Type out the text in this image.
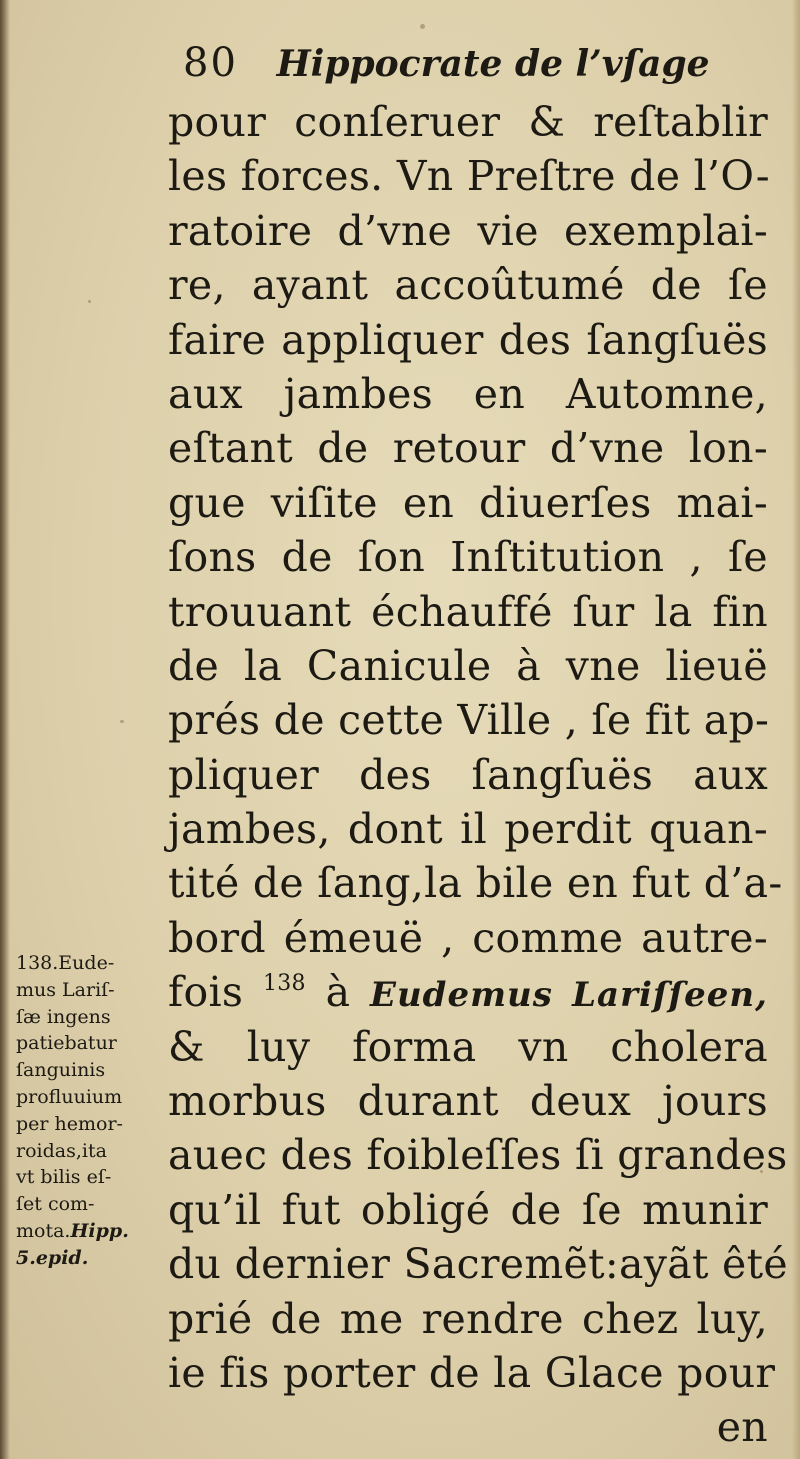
80 Hippocrate de l’vſage
pour conſeruer & reſtablir
les forces. Vn Preſtre de l’O-
ratoire d’vne vie exemplai-
re, ayant accoûtumé de ſe
faire appliquer des ſangſuës
aux jambes en Automne,
eſtant de retour d’vne lon-
gue viſite en diuerſes mai-
ſons de ſon Inſtitution , ſe
trouuant échauffé ſur la fin
de la Canicule à vne lieuë
prés de cette Ville , ſe fit ap-
pliquer des ſangſuës aux
jambes, dont il perdit quan-
tité de ſang,la bile en fut d’a-
bord émeuë , comme autre-
fois $^{138}$ à Eudemus Lariſſeen,
& luy forma vn cholera
morbus durant deux jours
auec des foibleſſes ſi grandes
qu’il fut obligé de ſe munir
du dernier Sacremẽt:ayãt êté
prié de me rendre chez luy,
ie fis porter de la Glace pour
en
138.Eude-
mus Lariſ-
ſæ ingens
patiebatur
ſanguinis
profluuium
per hemor-
roidas,ita
vt bilis eſ-
ſet com-
mota.Hipp.
5.epid.
